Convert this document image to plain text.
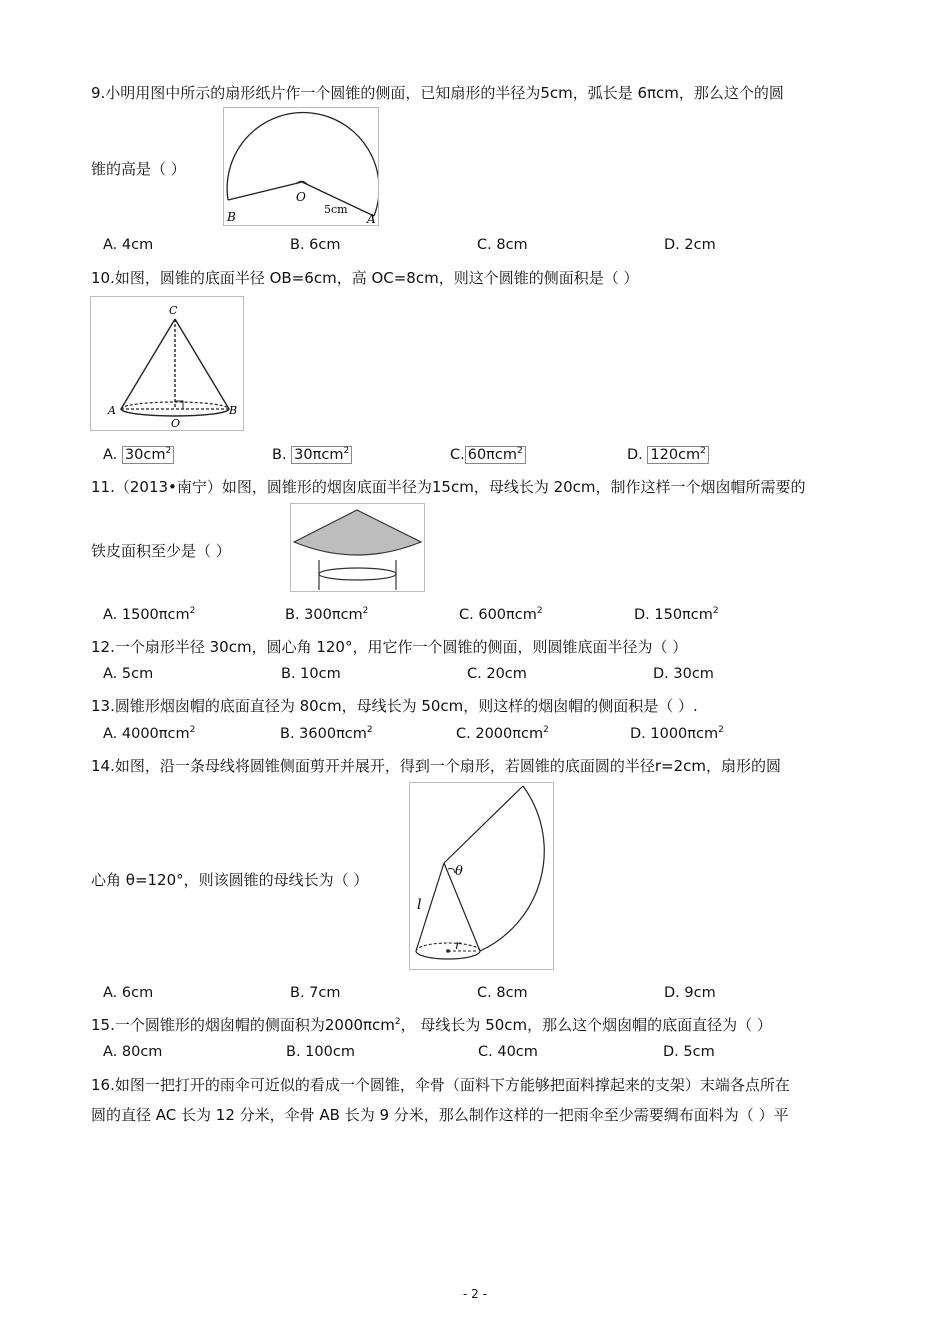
9.小明用图中所示的扇形纸片作一个圆锥的侧面，已知扇形的半径为5cm，弧长是 6πcm，那么这个的圆
O
B	A
5cm
锥的高是（ ）
A. 4cm	B. 6cm	C. 8cm	D. 2cm
10.如图，圆锥的底面半径 OB=6cm，高 OC=8cm，则这个圆锥的侧面积是（ ）
C
A	B
O
A. $30cm^2$	B. 30πcm$^2$	C. 60πcm$^2$	D. $120cm^2$
11.（2013•南宁）如图，圆锥形的烟囱底面半径为15cm，母线长为 20cm，制作这样一个烟囱帽所需要的
铁皮面积至少是（ ）
A. 1500πcm$^2$	B. 300πcm$^2$	C. 600πcm$^2$	D. 150πcm$^2$
12.一个扇形半径 30cm，圆心角 120°，用它作一个圆锥的侧面，则圆锥底面半径为（ ）
A. 5cm	B. 10cm	C. 20cm	D. 30cm
13.圆锥形烟囱帽的底面直径为 80cm，母线长为 50cm，则这样的烟囱帽的侧面积是（ ）.
A. 4000πcm$^2$	B. 3600πcm$^2$	C. 2000πcm$^2$	D. 1000πcm$^2$
14.如图，沿一条母线将圆锥侧面剪开并展开，得到一个扇形，若圆锥的底面圆的半径r=2cm，扇形的圆
θ
l
r
心角 θ=120°，则该圆锥的母线长为（ ）
A. 6cm	B. 7cm	C. 8cm	D. 9cm
15.一个圆锥形的烟囱帽的侧面积为2000πcm$^2$， 母线长为 50cm，那么这个烟囱帽的底面直径为（ ）
A. 80cm	B. 100cm	C. 40cm	D. 5cm
16.如图一把打开的雨伞可近似的看成一个圆锥，伞骨（面料下方能够把面料撑起来的支架）末端各点所在
圆的直径 AC 长为 12 分米，伞骨 AB 长为 9 分米，那么制作这样的一把雨伞至少需要绸布面料为（ ）平
- 2 -
